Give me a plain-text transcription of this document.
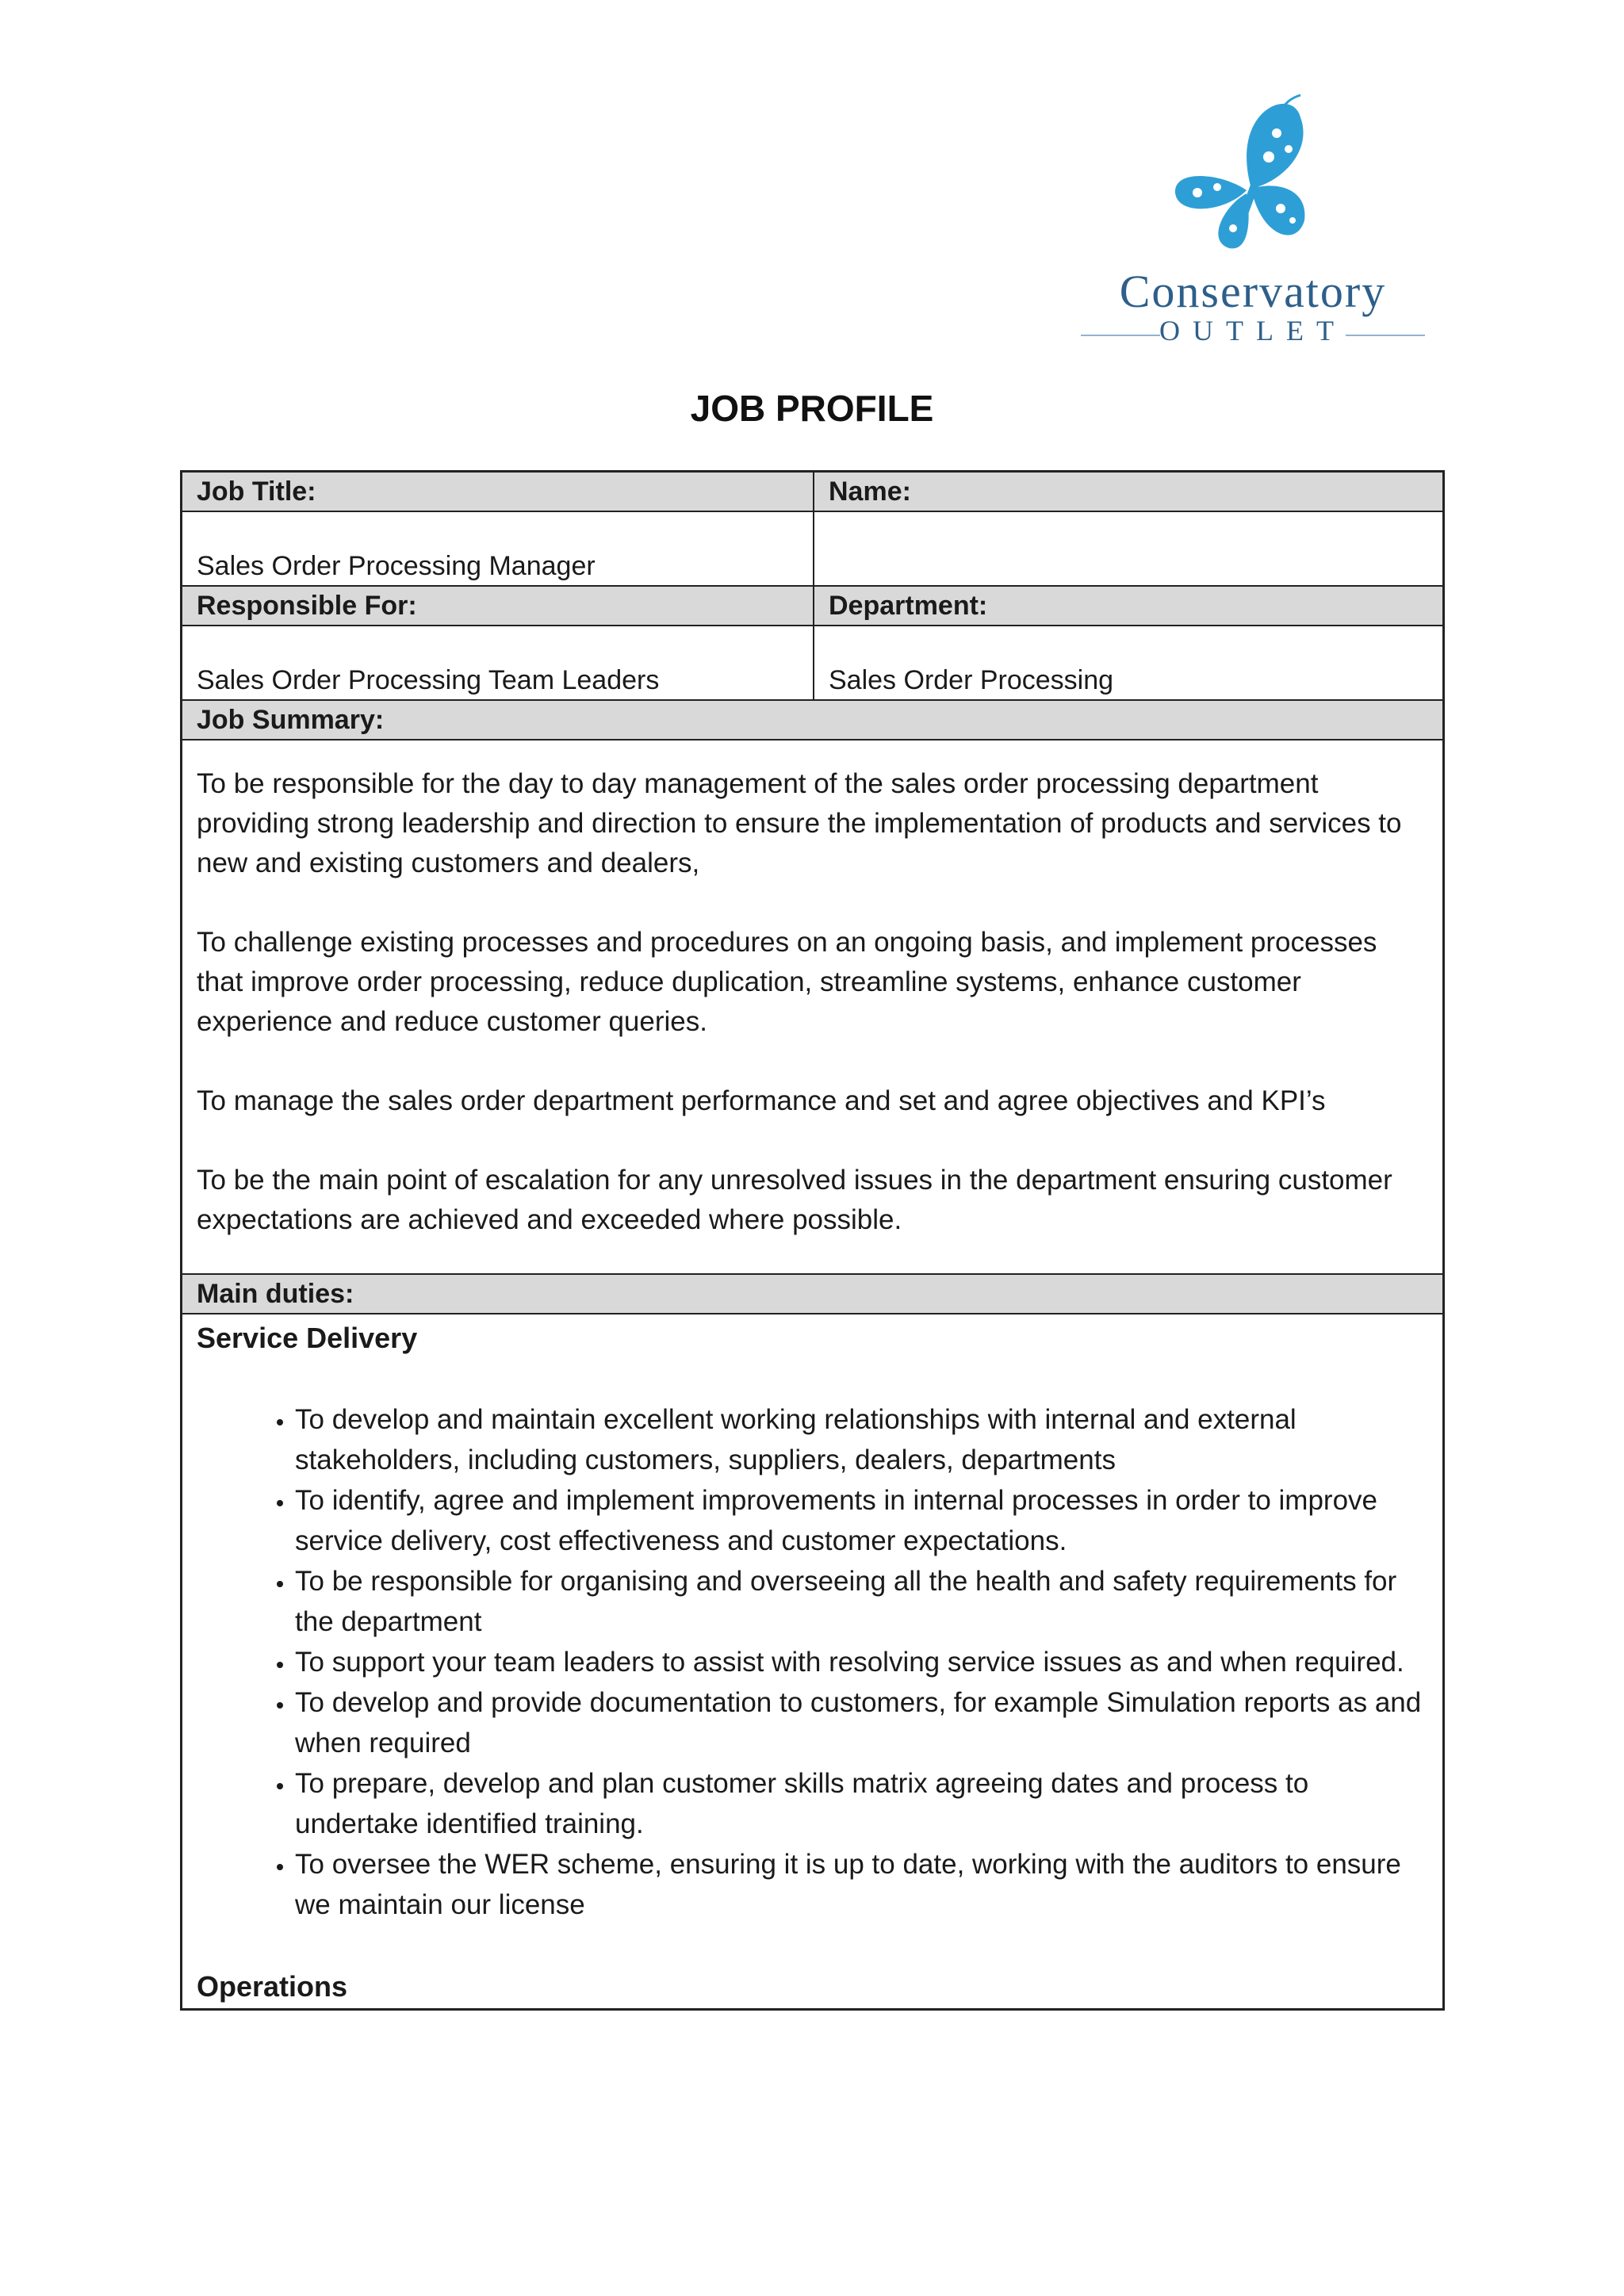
Conservatory
OUTLET
JOB PROFILE
Job Title:	Name:
Sales Order Processing Manager
Responsible For:	Department:
Sales Order Processing Team Leaders	Sales Order Processing
Job Summary:

To be responsible for the day to day management of the sales order processing department providing strong leadership and direction to ensure the implementation of products and services to new and existing customers and dealers,

To challenge existing processes and procedures on an ongoing basis, and implement processes that improve order processing, reduce duplication, streamline systems, enhance customer experience and reduce customer queries.

To manage the sales order department performance and set and agree objectives and KPI’s

To be the main point of escalation for any unresolved issues in the department ensuring customer expectations are achieved and exceeded where possible.

Main duties:
Service Delivery
• To develop and maintain excellent working relationships with internal and external stakeholders, including customers, suppliers, dealers, departments
• To identify, agree and implement improvements in internal processes in order to improve service delivery, cost effectiveness and customer expectations.
• To be responsible for organising and overseeing all the health and safety requirements for the department
• To support your team leaders to assist with resolving service issues as and when required.
• To develop and provide documentation to customers, for example Simulation reports as and when required
• To prepare, develop and plan customer skills matrix agreeing dates and process to undertake identified training.
• To oversee the WER scheme, ensuring it is up to date, working with the auditors to ensure we maintain our license
Operations
